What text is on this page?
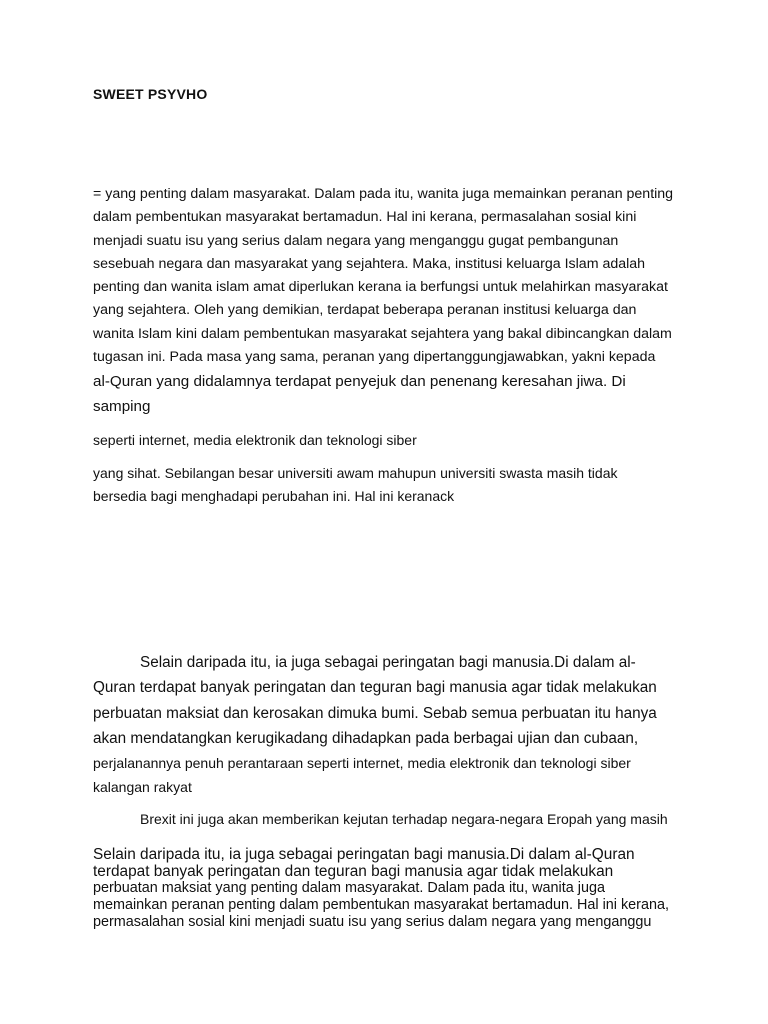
SWEET PSYVHO
= yang penting dalam masyarakat. Dalam pada itu, wanita juga memainkan peranan penting
dalam pembentukan masyarakat bertamadun. Hal ini kerana, permasalahan sosial kini
menjadi suatu isu yang serius dalam negara yang menganggu gugat pembangunan
sesebuah negara dan masyarakat yang sejahtera. Maka, institusi keluarga Islam adalah
penting dan wanita islam amat diperlukan kerana ia berfungsi untuk melahirkan masyarakat
yang sejahtera. Oleh yang demikian, terdapat beberapa peranan institusi keluarga dan
wanita Islam kini dalam pembentukan masyarakat sejahtera yang bakal dibincangkan dalam
tugasan ini. Pada masa yang sama, peranan yang dipertanggungjawabkan, yakni kepada
al-Quran yang didalamnya terdapat penyejuk dan penenang keresahan jiwa. Di
samping
seperti internet, media elektronik dan teknologi siber
yang sihat. Sebilangan besar universiti awam mahupun universiti swasta masih tidak
bersedia bagi menghadapi perubahan ini. Hal ini keranack
Selain daripada itu, ia juga sebagai peringatan bagi manusia.Di dalam al-
Quran terdapat banyak peringatan dan teguran bagi manusia agar tidak melakukan
perbuatan maksiat dan kerosakan dimuka bumi. Sebab semua perbuatan itu hanya
akan mendatangkan kerugikadang dihadapkan pada berbagai ujian dan cubaan,
perjalanannya penuh perantaraan seperti internet, media elektronik dan teknologi siber
kalangan rakyat
Brexit ini juga akan memberikan kejutan terhadap negara-negara Eropah yang masih
Selain daripada itu, ia juga sebagai peringatan bagi manusia.Di dalam al-Quran
terdapat banyak peringatan dan teguran bagi manusia agar tidak melakukan
perbuatan maksiat yang penting dalam masyarakat. Dalam pada itu, wanita juga
memainkan peranan penting dalam pembentukan masyarakat bertamadun. Hal ini kerana,
permasalahan sosial kini menjadi suatu isu yang serius dalam negara yang menganggu
